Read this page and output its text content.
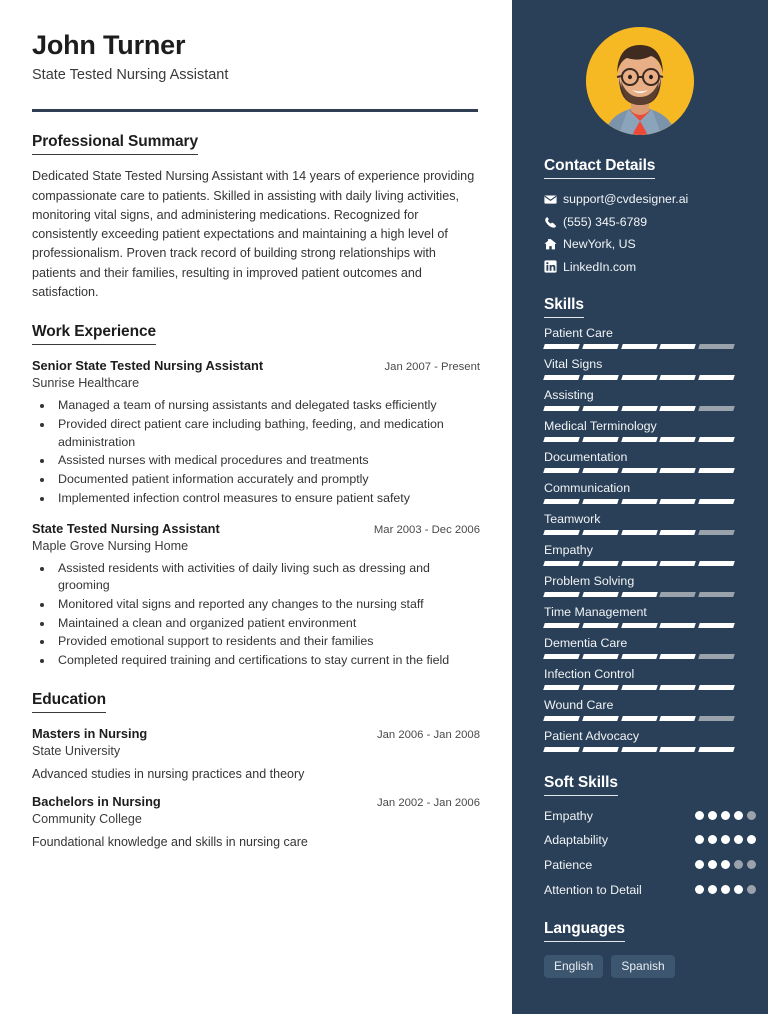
John Turner
State Tested Nursing Assistant
Professional Summary

Dedicated State Tested Nursing Assistant with 14 years of experience providing compassionate care to patients. Skilled in assisting with daily living activities, monitoring vital signs, and administering medications. Recognized for consistently exceeding patient expectations and maintaining a high level of professionalism. Proven track record of building strong relationships with patients and their families, resulting in improved patient outcomes and satisfaction.

Work Experience
Senior State Tested Nursing Assistant	Jan 2007 - Present
Sunrise Healthcare
• Managed a team of nursing assistants and delegated tasks efficiently
• Provided direct patient care including bathing, feeding, and medication administration
• Assisted nurses with medical procedures and treatments
• Documented patient information accurately and promptly
• Implemented infection control measures to ensure patient safety
State Tested Nursing Assistant	Mar 2003 - Dec 2006
Maple Grove Nursing Home
• Assisted residents with activities of daily living such as dressing and grooming
• Monitored vital signs and reported any changes to the nursing staff
• Maintained a clean and organized patient environment
• Provided emotional support to residents and their families
• Completed required training and certifications to stay current in the field
Education
Masters in Nursing	Jan 2006 - Jan 2008
State University
Advanced studies in nursing practices and theory
Bachelors in Nursing	Jan 2002 - Jan 2006
Community College
Foundational knowledge and skills in nursing care
Contact Details
support@cvdesigner.ai
(555) 345-6789
NewYork, US
LinkedIn.com
Skills
Patient Care
Vital Signs
Assisting
Medical Terminology
Documentation
Communication
Teamwork
Empathy
Problem Solving
Time Management
Dementia Care
Infection Control
Wound Care
Patient Advocacy
Soft Skills
Empathy
Adaptability
Patience
Attention to Detail
Languages
English	Spanish
